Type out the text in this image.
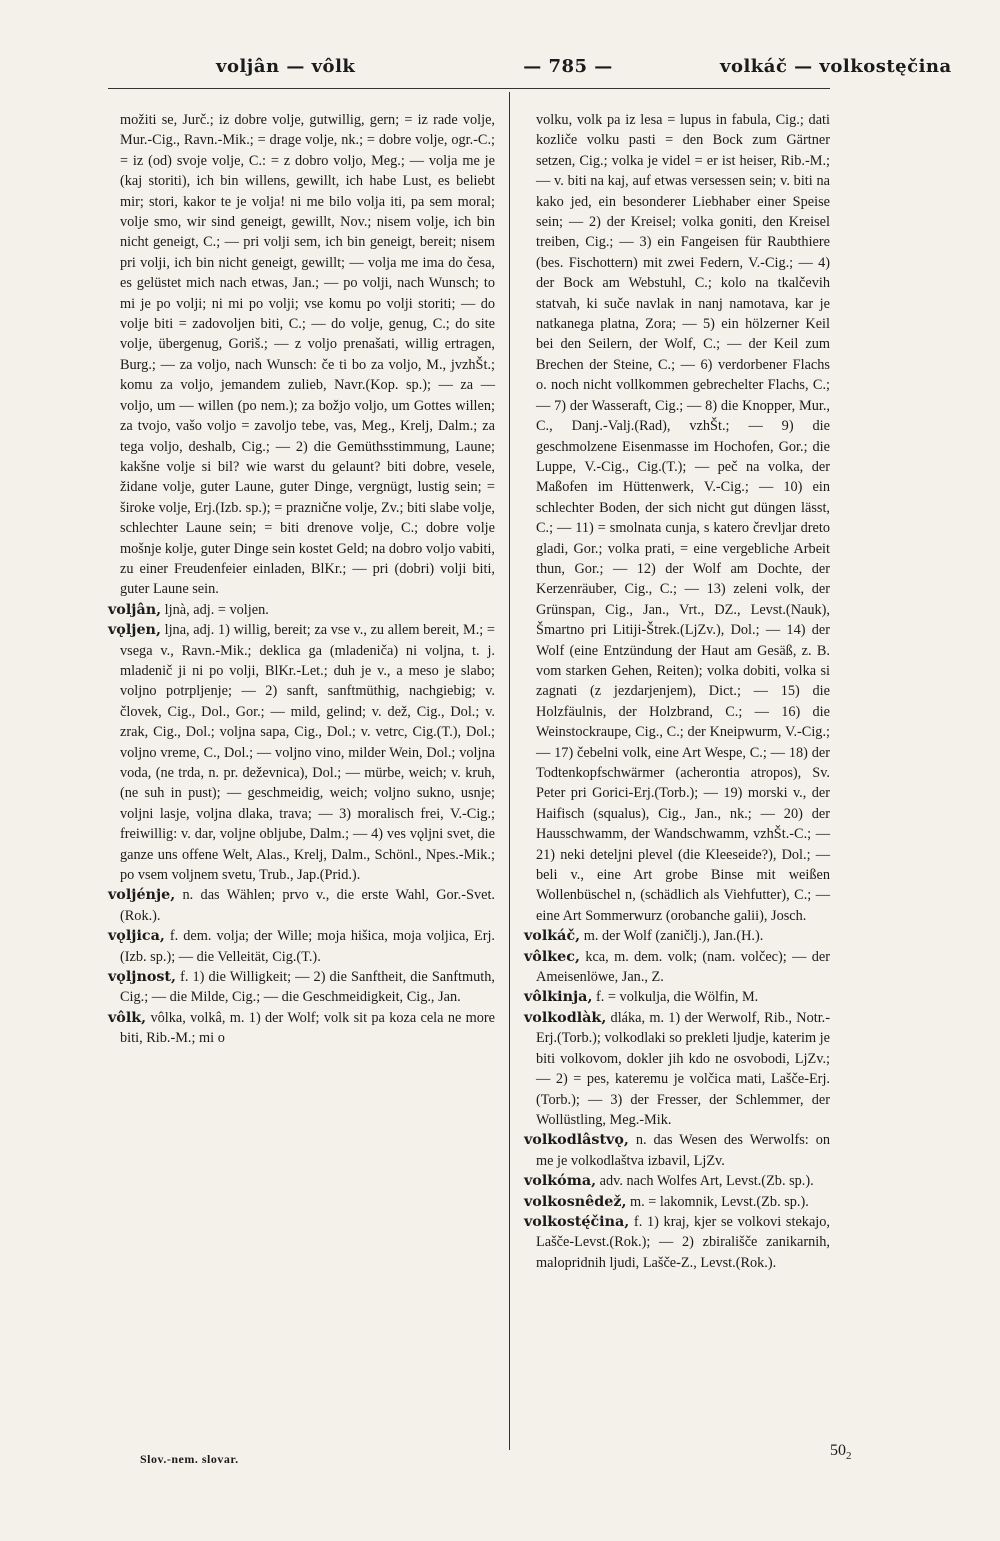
voljân — vôlk	— 785 —	volkáč — volkostęčina

možiti se, Jurč.; iz dobre volje, gutwillig, gern; = iz rade volje, Mur.-Cig., Ravn.-Mik.; = drage volje, nk.; = dobre volje, ogr.-C.; = iz (od) svoje volje, C.: = z dobro voljo, Meg.; — volja me je (kaj storiti), ich bin willens, gewillt, ich habe Lust, es beliebt mir; stori, kakor te je volja! ni me bilo volja iti, pa sem moral; volje smo, wir sind geneigt, gewillt, Nov.; nisem volje, ich bin nicht geneigt, C.; — pri volji sem, ich bin geneigt, bereit; nisem pri volji, ich bin nicht geneigt, gewillt; — volja me ima do česa, es gelüstet mich nach etwas, Jan.; — po volji, nach Wunsch; to mi je po volji; ni mi po volji; vse komu po volji storiti; — do volje biti = zadovoljen biti, C.; — do volje, genug, C.; do site volje, übergenug, Goriš.; — z voljo prenašati, willig ertragen, Burg.; — za voljo, nach Wunsch: če ti bo za voljo, M., jvzhŠt.; komu za voljo, jemandem zulieb, Navr.(Kop. sp.); — za — voljo, um — willen (po nem.); za božjo voljo, um Gottes willen; za tvojo, vašo voljo = zavoljo tebe, vas, Meg., Krelj, Dalm.; za tega voljo, deshalb, Cig.; — 2) die Gemüthsstimmung, Laune; kakšne volje si bil? wie warst du gelaunt? biti dobre, vesele, židane volje, guter Laune, guter Dinge, vergnügt, lustig sein; = široke volje, Erj.(Izb. sp.); = prazničnе volje, Zv.; biti slabe volje, schlechter Laune sein; = biti drenove volje, C.; dobre volje mošnje kolje, guter Dinge sein kostet Geld; na dobro voljo vabiti, zu einer Freudenfeier einladen, BlKr.; — pri (dobri) volji biti, guter Laune sein.

voljân, ljnà, adj. = voljen.

vǫljen, ljna, adj. 1) willig, bereit; za vse v., zu allem bereit, M.; = vsega v., Ravn.-Mik.; deklica ga (mladeniča) ni voljna, t. j. mladenič ji ni po volji, BlKr.-Let.; duh je v., a meso je slabo; voljno potrpljenje; — 2) sanft, sanftmüthig, nachgiebig; v. človek, Cig., Dol., Gor.; — mild, gelind; v. dež, Cig., Dol.; v. zrak, Cig., Dol.; voljna sapa, Cig., Dol.; v. vetrc, Cig.(T.), Dol.; voljno vreme, C., Dol.; — voljno vino, milder Wein, Dol.; voljna voda, (ne trda, n. pr. deževnica), Dol.; — mürbe, weich; v. kruh, (ne suh in pust); — geschmeidig, weich; voljno sukno, usnje; voljni lasje, voljna dlaka, trava; — 3) moralisch frei, V.-Cig.; freiwillig: v. dar, voljne obljube, Dalm.; — 4) ves vǫljni svet, die ganze uns offene Welt, Alas., Krelj, Dalm., Schönl., Npes.-Mik.; po vsem voljnem svetu, Trub., Jap.(Prid.).

voljénje, n. das Wählen; prvo v., die erste Wahl, Gor.-Svet.(Rok.).

vǫljica, f. dem. volja; der Wille; moja hišica, moja voljica, Erj.(Izb. sp.); — die Velleität, Cig.(T.).

vǫljnost, f. 1) die Willigkeit; — 2) die Sanftheit, die Sanftmuth, Cig.; — die Milde, Cig.; — die Geschmeidigkeit, Cig., Jan.

vôlk, vôlka, volkâ, m. 1) der Wolf; volk sit pa koza cela ne more biti, Rib.-M.; mi o

volku, volk pa iz lesa = lupus in fabula, Cig.; dati kozliče volku pasti = den Bock zum Gärtner setzen, Cig.; volka je videl = er ist heiser, Rib.-M.; — v. biti na kaj, auf etwas versessen sein; v. biti na kako jed, ein besonderer Liebhaber einer Speise sein; — 2) der Kreisel; volka goniti, den Kreisel treiben, Cig.; — 3) ein Fangeisen für Raubthiere (bes. Fischottern) mit zwei Federn, V.-Cig.; — 4) der Bock am Webstuhl, C.; kolo na tkalčevih statvah, ki suče navlak in nanj namotava, kar je natkanega platna, Zora; — 5) ein hölzerner Keil bei den Seilern, der Wolf, C.; — der Keil zum Brechen der Steine, C.; — 6) verdorbener Flachs o. noch nicht vollkommen gebrechelter Flachs, C.; — 7) der Wasseraft, Cig.; — 8) die Knopper, Mur., C., Danj.-Valj.(Rad), vzhŠt.; — 9) die geschmolzene Eisenmasse im Hochofen, Gor.; die Luppe, V.-Cig., Cig.(T.); — peč na volka, der Maßofen im Hüttenwerk, V.-Cig.; — 10) ein schlechter Boden, der sich nicht gut düngen lässt, C.; — 11) = smolnata cunja, s katero črevljar dreto gladi, Gor.; volka prati, = eine vergebliche Arbeit thun, Gor.; — 12) der Wolf am Dochte, der Kerzenräuber, Cig., C.; — 13) zeleni volk, der Grünspan, Cig., Jan., Vrt., DZ., Levst.(Nauk), Šmartno pri Litiji-Štrek.(LjZv.), Dol.; — 14) der Wolf (eine Entzündung der Haut am Gesäß, z. B. vom starken Gehen, Reiten); volka dobiti, volka si zagnati (z jezdarjenjem), Dict.; — 15) die Holzfäulnis, der Holzbrand, C.; — 16) die Weinstockraupe, Cig., C.; der Kneipwurm, V.-Cig.; — 17) čebelni volk, eine Art Wespe, C.; — 18) der Todtenkopfschwärmer (acherontia atropos), Sv. Peter pri Gorici-Erj.(Torb.); — 19) morski v., der Haifisch (squalus), Cig., Jan., nk.; — 20) der Hausschwamm, der Wandschwamm, vzhŠt.-C.; — 21) neki deteljni plevel (die Kleeseide?), Dol.; — beli v., eine Art grobe Binse mit weißen Wollenbüschel n, (schädlich als Viehfutter), C.; — eine Art Sommerwurz (orobanche galii), Josch.

volkáč, m. der Wolf (zaničlj.), Jan.(H.).

vôlkec, kca, m. dem. volk; (nam. volčec); — der Ameisenlöwe, Jan., Z.

vôlkinja, f. = volkulja, die Wölfin, M.

volkodlàk, dláka, m. 1) der Werwolf, Rib., Notr.-Erj.(Torb.); volkodlaki so prekleti ljudje, katerim je biti volkovom, dokler jih kdo ne osvobodi, LjZv.; — 2) = pes, kateremu je volčica mati, Lašče-Erj.(Torb.); — 3) der Fresser, der Schlemmer, der Wollüstling, Meg.-Mik.

volkodlâstvǫ, n. das Wesen des Werwolfs: on me je volkodlaštva izbavil, LjZv.

volkóma, adv. nach Wolfes Art, Levst.(Zb. sp.).

volkosnêdež, m. = lakomnik, Levst.(Zb. sp.).

volkostę́čina, f. 1) kraj, kjer se volkovi stekajo, Lašče-Levst.(Rok.); — 2) zbirališče zanikarnih, malopridnih ljudi, Lašče-Z., Levst.(Rok.).

Slov.-nem. slovar.	$50_2$
